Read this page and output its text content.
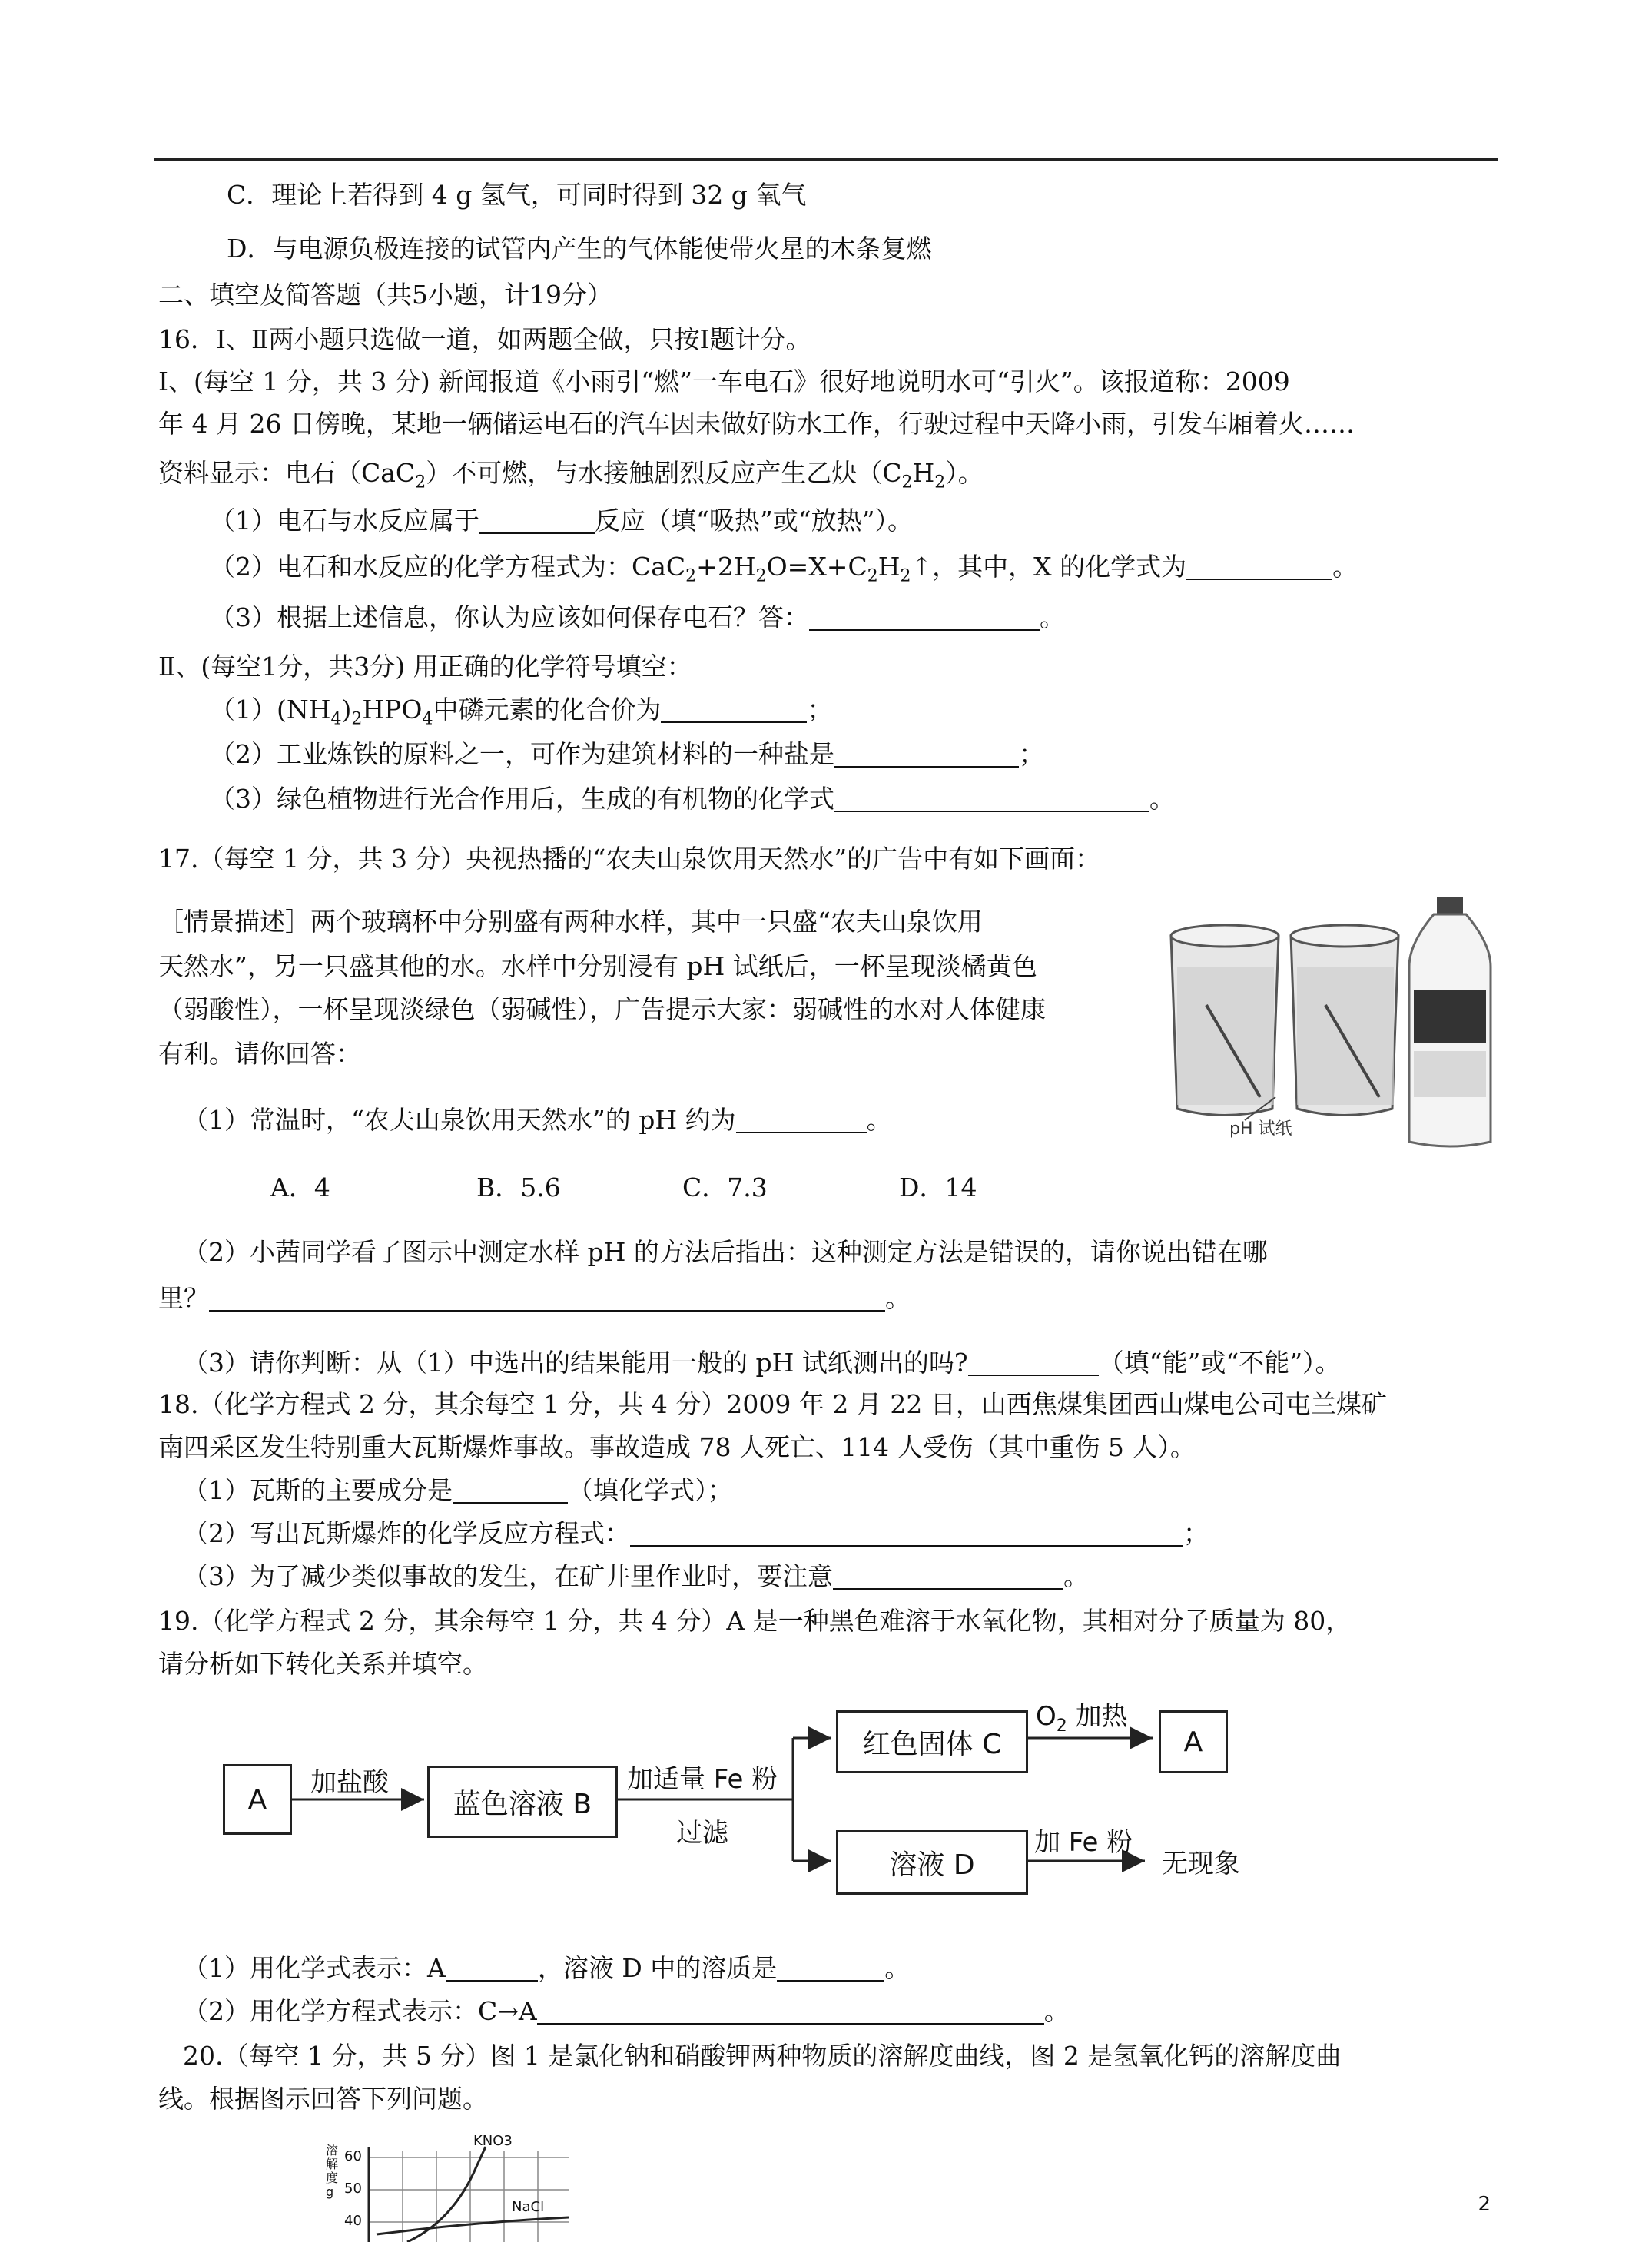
C．理论上若得到 4 g 氢气，可同时得到 32 g 氧气
D．与电源负极连接的试管内产生的气体能使带火星的木条复燃
二、填空及简答题（共5小题，计19分）
16．Ⅰ、Ⅱ两小题只选做一道，如两题全做，只按Ⅰ题计分。
Ⅰ、(每空 1 分，共 3 分) 新闻报道《小雨引“燃”一车电石》很好地说明水可“引火”。该报道称：2009
年 4 月 26 日傍晚，某地一辆储运电石的汽车因未做好防水工作，行驶过程中天降小雨，引发车厢着火……
资料显示：电石（CaC$_2$）不可燃，与水接触剧烈反应产生乙炔$(C_2H_2)$。
（1）电石与水反应属于	反应（填“吸热”或“放热”）。
（2）电石和水反应的化学方程式为：$CaC_2+2H_2O=X+C_2H_2↑$，其中，X 的化学式为	。
（3）根据上述信息，你认为应该如何保存电石？答：	。
Ⅱ、(每空1分，共3分) 用正确的化学符号填空：
$(1)(NH_4)_2HPO_4$中磷元素的化合价为	；
（2）工业炼铁的原料之一，可作为建筑材料的一种盐是	；
（3）绿色植物进行光合作用后，生成的有机物的化学式	。
17.（每空 1 分，共 3 分）央视热播的“农夫山泉饮用天然水”的广告中有如下画面：
［情景描述］两个玻璃杯中分别盛有两种水样，其中一只盛“农夫山泉饮用
天然水”，另一只盛其他的水。水样中分别浸有 pH 试纸后，一杯呈现淡橘黄色
（弱酸性），一杯呈现淡绿色（弱碱性），广告提示大家：弱碱性的水对人体健康
有利。请你回答：
pH 试纸
（1）常温时，“农夫山泉饮用天然水”的 pH 约为	。
A．4	B．5.6	C．7.3	D．14
（2）小茜同学看了图示中测定水样 pH 的方法后指出：这种测定方法是错误的，请你说出错在哪
里？	。
（3）请你判断：从（1）中选出的结果能用一般的 pH 试纸测出的吗?	（填“能”或“不能”）。
18.（化学方程式 2 分，其余每空 1 分，共 4 分）2009 年 2 月 22 日，山西焦煤集团西山煤电公司屯兰煤矿
南四采区发生特别重大瓦斯爆炸事故。事故造成 78 人死亡、114 人受伤（其中重伤 5 人）。
（1）瓦斯的主要成分是	（填化学式）；
（2）写出瓦斯爆炸的化学反应方程式：	；
（3）为了减少类似事故的发生，在矿井里作业时，要注意	。
19.（化学方程式 2 分，其余每空 1 分，共 4 分）A 是一种黑色难溶于水氧化物，其相对分子质量为 80，
请分析如下转化关系并填空。
A
加盐酸
蓝色溶液 B
加适量 Fe 粉
过滤
红色固体 C
$O_2$ 加热
A
溶液 D
加 Fe 粉
无现象
（1）用化学式表示：A	，溶液 D 中的溶质是	。
（2）用化学方程式表示：C→A	。
20.（每空 1 分，共 5 分）图 1 是氯化钠和硝酸钾两种物质的溶解度曲线，图 2 是氢氧化钙的溶解度曲
线。根据图示回答下列问题。
溶解度 g
60
50
40
KNO3
NaCl	2
